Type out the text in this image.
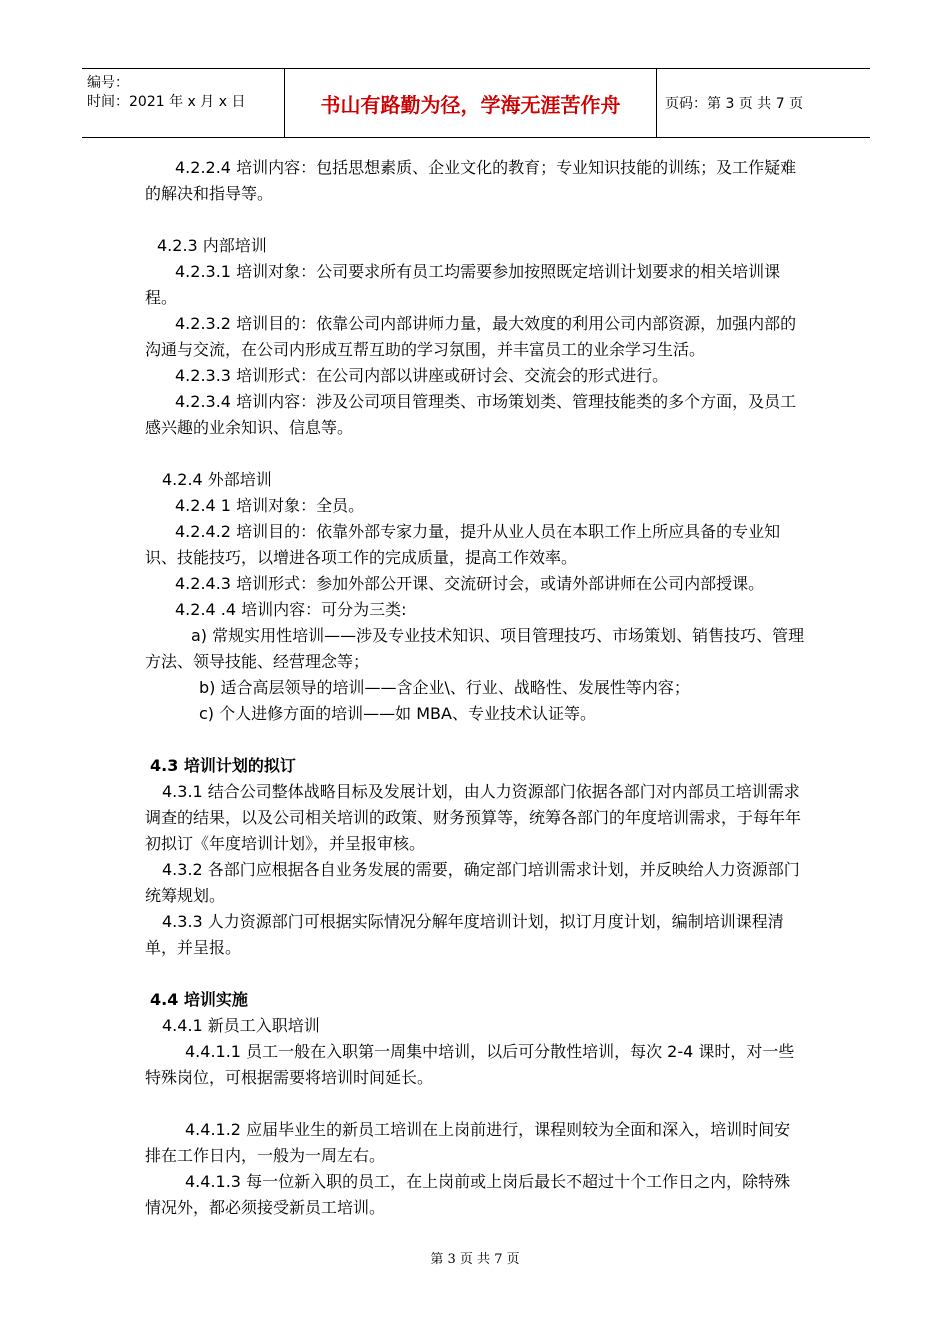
编号：
时间：2021 年 x 月 x 日	书山有路勤为径，学海无涯苦作舟	页码：第 3 页 共 7 页
4.2.2.4 培训内容：包括思想素质、企业文化的教育；专业知识技能的训练；及工作疑难的解决和指导等。
4.2.3 内部培训
4.2.3.1 培训对象：公司要求所有员工均需要参加按照既定培训计划要求的相关培训课程。
4.2.3.2 培训目的：依靠公司内部讲师力量，最大效度的利用公司内部资源，加强内部的沟通与交流，在公司内形成互帮互助的学习氛围，并丰富员工的业余学习生活。
4.2.3.3 培训形式：在公司内部以讲座或研讨会、交流会的形式进行。
4.2.3.4 培训内容：涉及公司项目管理类、市场策划类、管理技能类的多个方面，及员工感兴趣的业余知识、信息等。
4.2.4 外部培训
4.2.4 1 培训对象：全员。
4.2.4.2 培训目的：依靠外部专家力量，提升从业人员在本职工作上所应具备的专业知识、技能技巧，以增进各项工作的完成质量，提高工作效率。
4.2.4.3 培训形式：参加外部公开课、交流研讨会，或请外部讲师在公司内部授课。
4.2.4 .4 培训内容：可分为三类:
a) 常规实用性培训——涉及专业技术知识、项目管理技巧、市场策划、销售技巧、管理方法、领导技能、经营理念等；
b) 适合高层领导的培训——含企业\、行业、战略性、发展性等内容；
c) 个人进修方面的培训——如 MBA、专业技术认证等。
4.3 培训计划的拟订
4.3.1 结合公司整体战略目标及发展计划，由人力资源部门依据各部门对内部员工培训需求调查的结果，以及公司相关培训的政策、财务预算等，统筹各部门的年度培训需求，于每年年初拟订《年度培训计划》，并呈报审核。
4.3.2 各部门应根据各自业务发展的需要，确定部门培训需求计划，并反映给人力资源部门统筹规划。
4.3.3 人力资源部门可根据实际情况分解年度培训计划，拟订月度计划，编制培训课程清单，并呈报。
4.4 培训实施
4.4.1 新员工入职培训
4.4.1.1 员工一般在入职第一周集中培训，以后可分散性培训，每次 2-4 课时，对一些特殊岗位，可根据需要将培训时间延长。
4.4.1.2 应届毕业生的新员工培训在上岗前进行，课程则较为全面和深入，培训时间安排在工作日内，一般为一周左右。
4.4.1.3 每一位新入职的员工，在上岗前或上岗后最长不超过十个工作日之内，除特殊情况外，都必须接受新员工培训。
第 3 页 共 7 页
